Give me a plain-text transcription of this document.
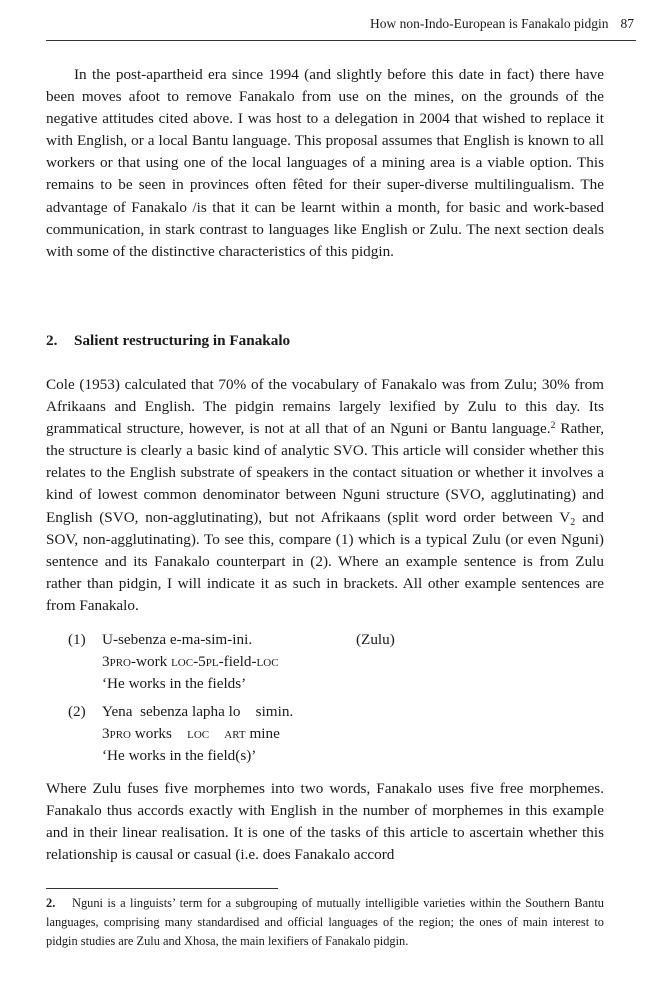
How non-Indo-European is Fanakalo pidgin 87

In the post-apartheid era since 1994 (and slightly before this date in fact) there have been moves afoot to remove Fanakalo from use on the mines, on the grounds of the negative attitudes cited above. I was host to a delegation in 2004 that wished to replace it with English, or a local Bantu language. This proposal assumes that English is known to all workers or that using one of the local languages of a mining area is a viable option. This remains to be seen in provinces often fêted for their super-diverse multilingualism. The advantage of Fanakalo /is that it can be learnt within a month, for basic and work-based communication, in stark contrast to languages like English or Zulu. The next section deals with some of the distinctive characteristics of this pidgin.

2. Salient restructuring in Fanakalo

Cole (1953) calculated that 70% of the vocabulary of Fanakalo was from Zulu; 30% from Afrikaans and English. The pidgin remains largely lexified by Zulu to this day. Its grammatical structure, however, is not at all that of an Nguni or Bantu language.$^2$ Rather, the structure is clearly a basic kind of analytic SVO. This article will consider whether this relates to the English substrate of speakers in the contact situation or whether it involves a kind of lowest common denominator between Nguni structure (SVO, agglutinating) and English (SVO, non-agglutinating), but not Afrikaans (split word order between $V_2$ and SOV, non-agglutinating). To see this, compare (1) which is a typical Zulu (or even Nguni) sentence and its Fanakalo counterpart in (2). Where an example sentence is from Zulu rather than pidgin, I will indicate it as such in brackets. All other example sentences are from Fanakalo.

(1) U-sebenza e-ma-sim-ini.	(Zulu)
3pro-work loc-5pl-field-loc
‘He works in the fields’
(2) Yena  sebenza lapha lo    simin.
3pro works    loc art mine
‘He works in the field(s)’

Where Zulu fuses five morphemes into two words, Fanakalo uses five free morphemes. Fanakalo thus accords exactly with English in the number of morphemes in this example and in their linear realisation. It is one of the tasks of this article to ascertain whether this relationship is causal or casual (i.e. does Fanakalo accord

2. Nguni is a linguists’ term for a subgrouping of mutually intelligible varieties within the Southern Bantu languages, comprising many standardised and official languages of the region; the ones of main interest to pidgin studies are Zulu and Xhosa, the main lexifiers of Fanakalo pidgin.
